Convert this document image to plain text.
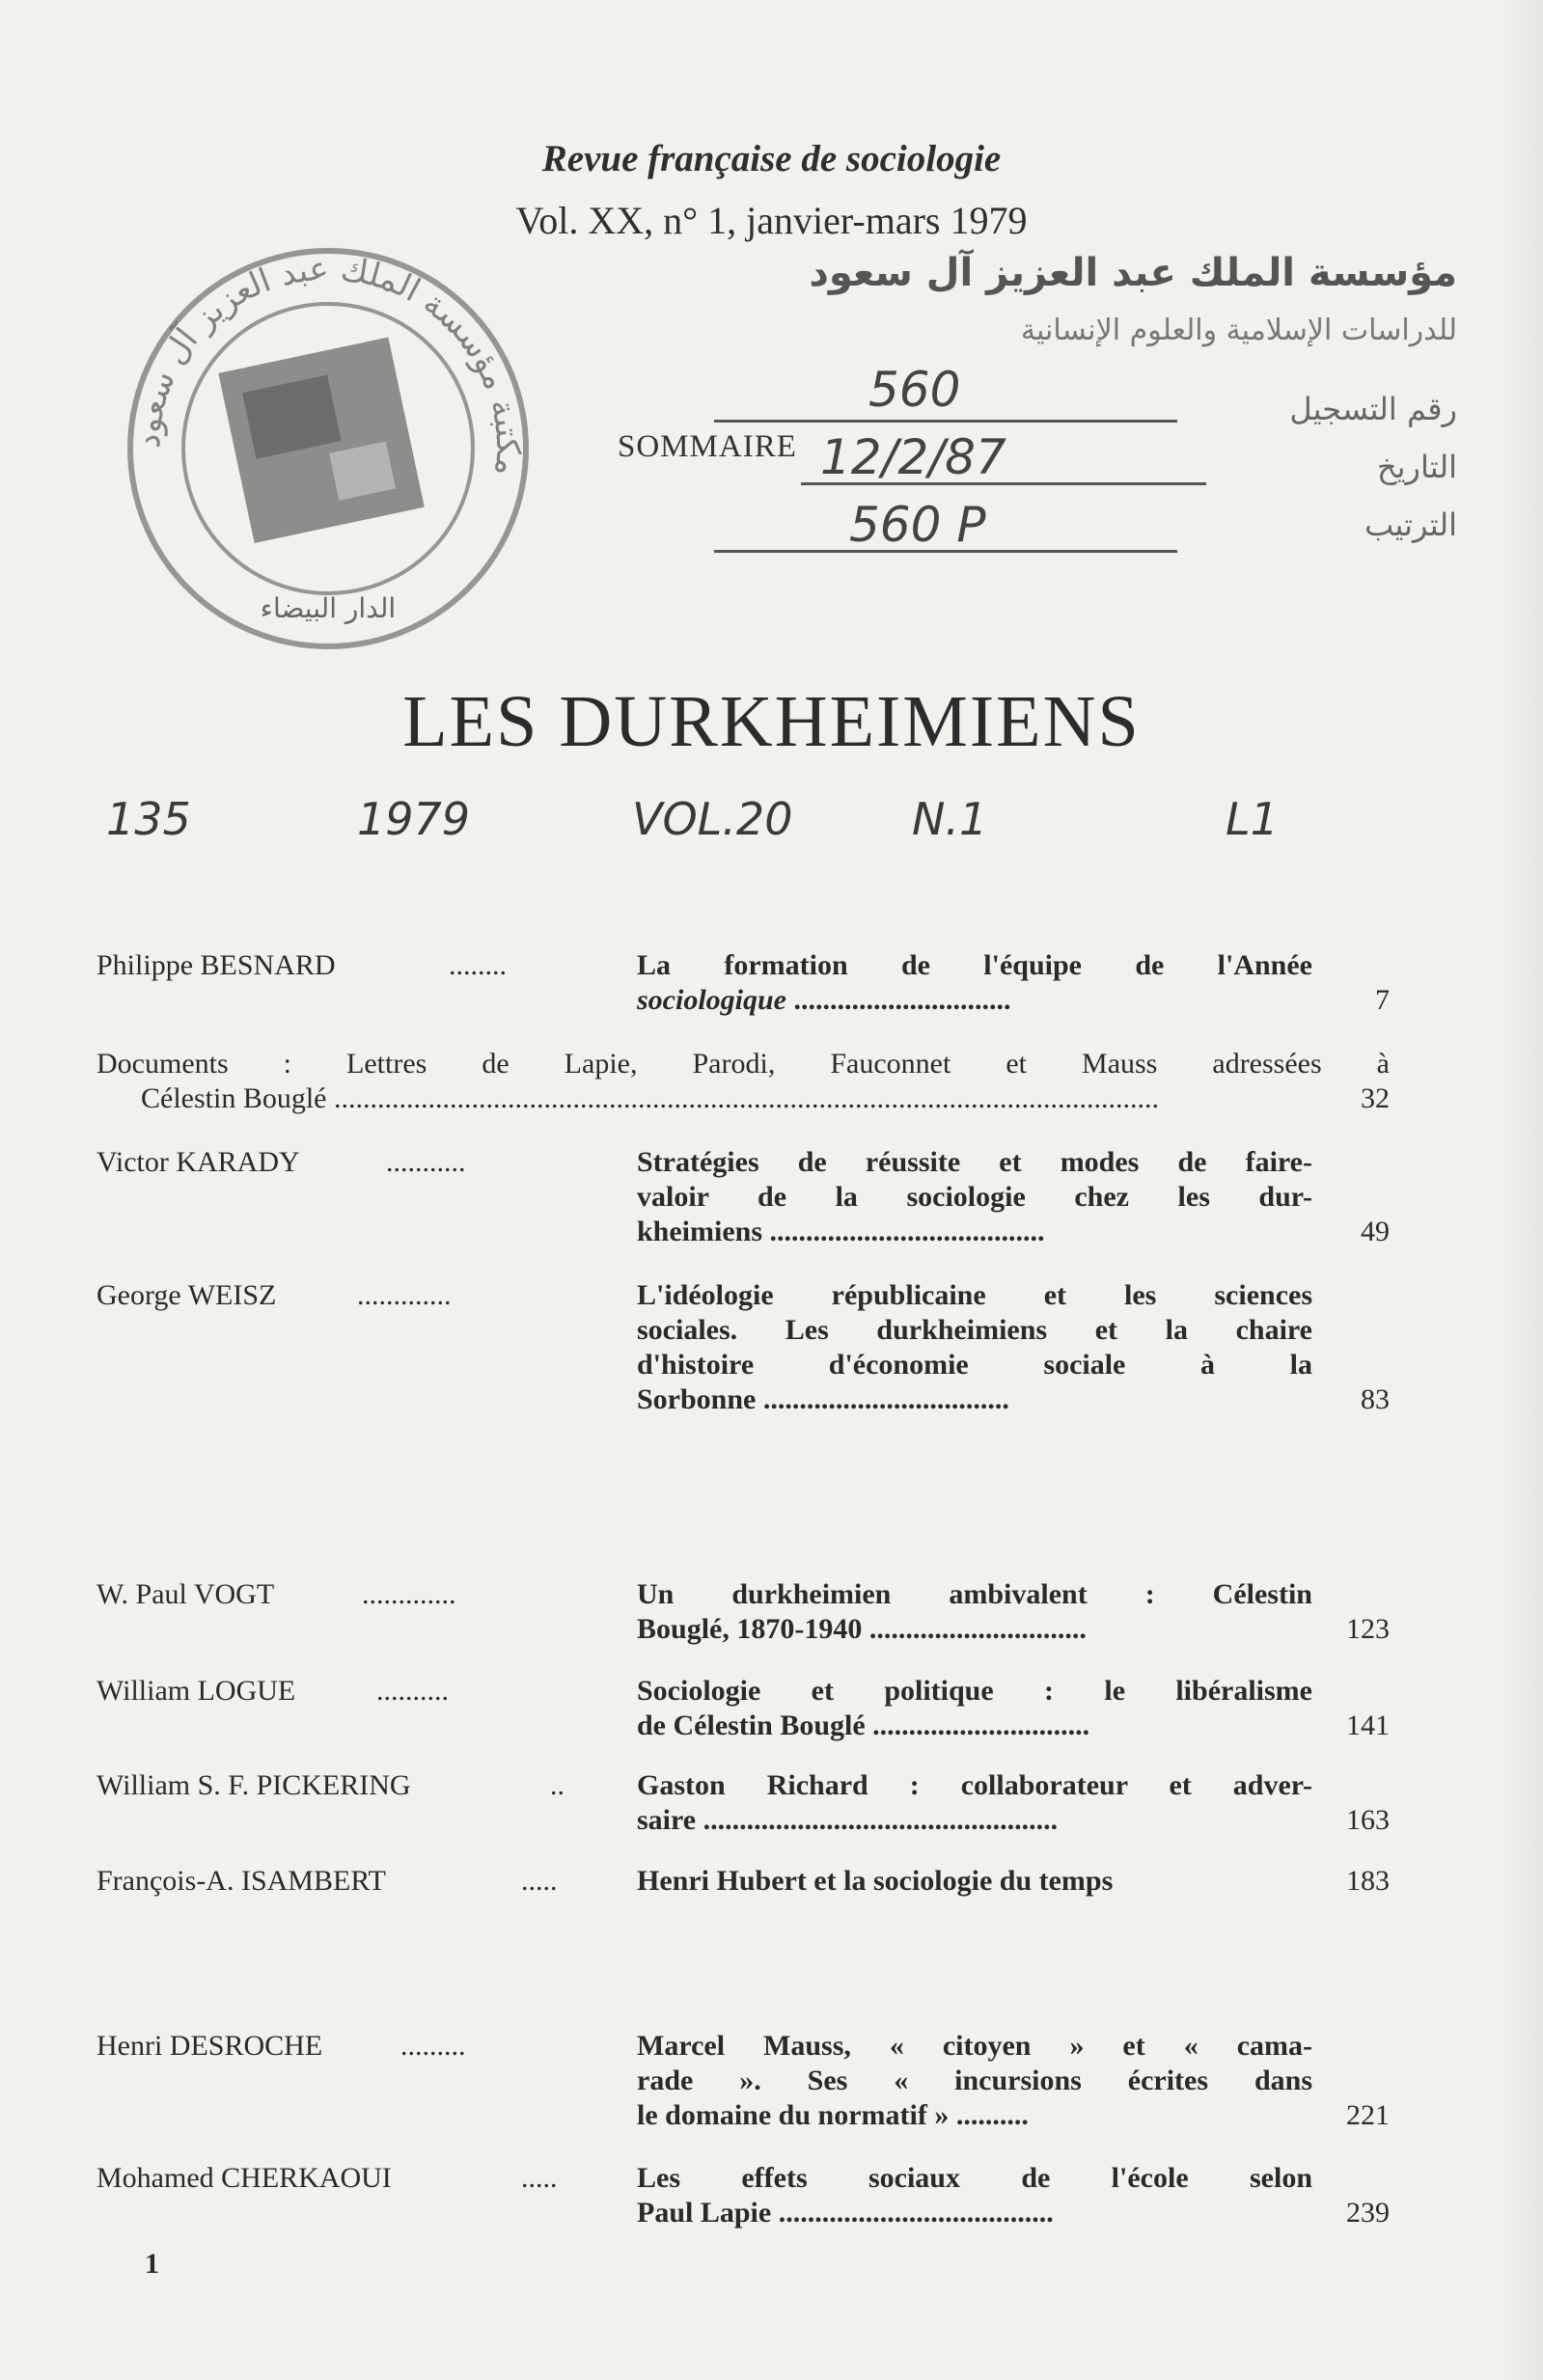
Revue française de sociologie
Vol. XX, n° 1, janvier-mars 1979
مكتبة مؤسسة الملك عبد العزيز آل سعود
الدار البيضاء
مؤسسة الملك عبد العزيز آل سعود
للدراسات الإسلامية والعلوم الإنسانية
رقم التسجيل
التاريخ
الترتيب
SOMMAIRE
560
12/2/87
560 P
LES DURKHEIMIENS
135	1979	VOL.20	N.1	L1
Philippe BESNARD	........	La formation de l'équipe de l'Année
sociologique ..............................	7
Documents : Lettres de Lapie, Parodi, Fauconnet et Mauss adressées à
Célestin Bouglé ..................................................................................................................	32
Victor KARADY	...........	Stratégies de réussite et modes de faire-
valoir de la sociologie chez les dur-
kheimiens ......................................	49
George WEISZ	.............	L'idéologie républicaine et les sciences
sociales. Les durkheimiens et la chaire
d'histoire d'économie sociale à la
Sorbonne ..................................	83
W. Paul VOGT	.............	Un durkheimien ambivalent : Célestin
Bouglé, 1870-1940 ..............................	123
William LOGUE	..........	Sociologie et politique : le libéralisme
de Célestin Bouglé ..............................	141
William S. F. PICKERING	..	Gaston Richard : collaborateur et adver-
saire .................................................	163
François-A. ISAMBERT	.....	Henri Hubert et la sociologie du temps	183
Henri DESROCHE	.........	Marcel Mauss, « citoyen » et « cama-
rade ». Ses « incursions écrites dans
le domaine du normatif » ..........	221
Mohamed CHERKAOUI	.....	Les effets sociaux de l'école selon
Paul Lapie ......................................	239
1
